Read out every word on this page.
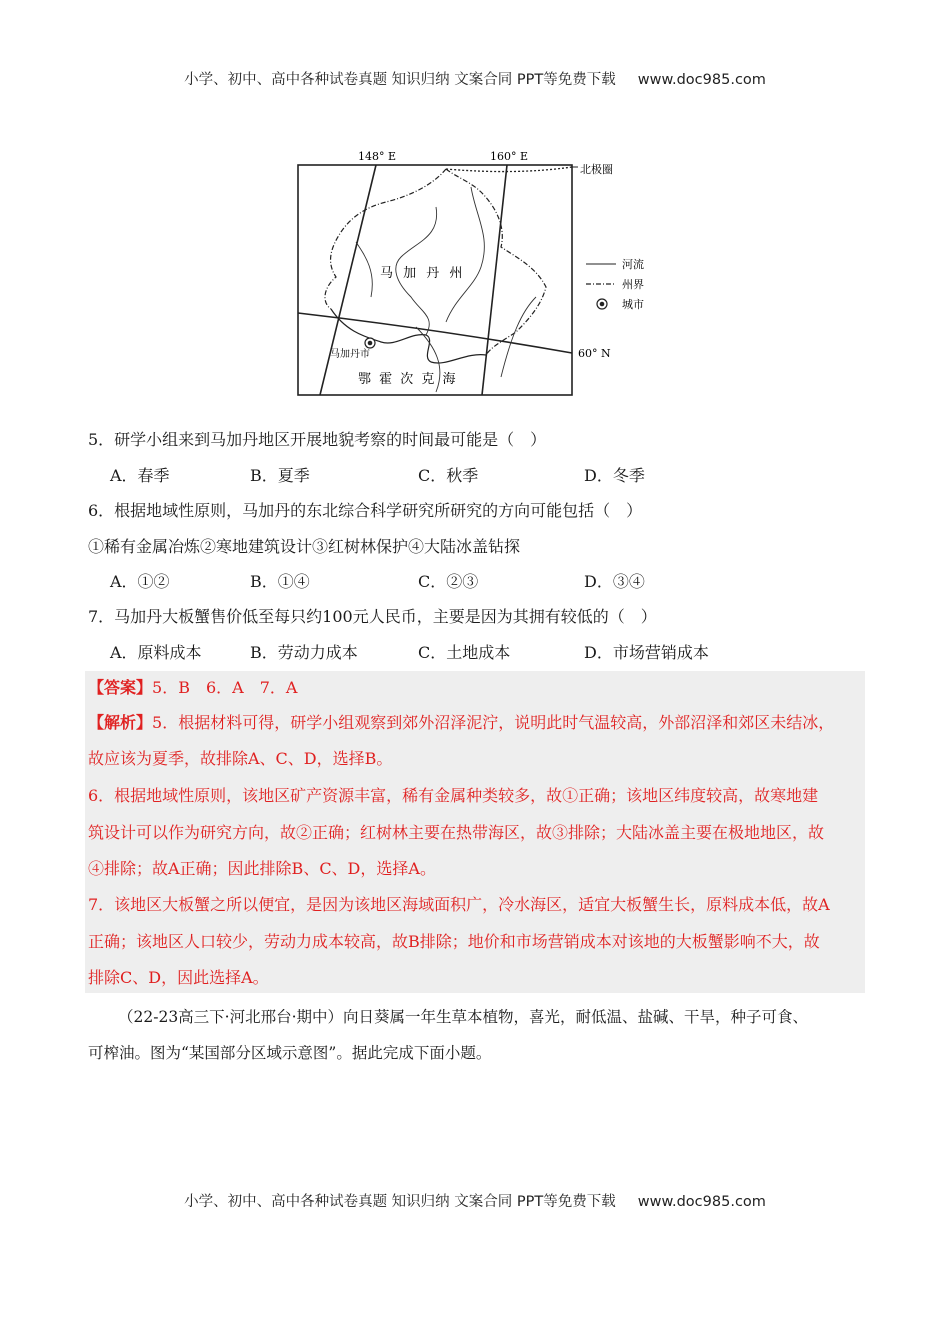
小学、初中、高中各种试卷真题 知识归纳 文案合同 PPT等免费下载 www.doc985.com
148° E	160° E
北极圈
60° N
马 加 丹 州
马加丹市
鄂 霍 次 克 海
河流
州界
城市
5．研学小组来到马加丹地区开展地貌考察的时间最可能是（　）
A．春季	B．夏季	C．秋季	D．冬季
6．根据地域性原则，马加丹的东北综合科学研究所研究的方向可能包括（　）
①稀有金属冶炼②寒地建筑设计③红树林保护④大陆冰盖钻探
A．①②	B．①④	C．②③	D．③④
7．马加丹大板蟹售价低至每只约100元人民币，主要是因为其拥有较低的（　）
A．原料成本	B．劳动力成本	C．土地成本	D．市场营销成本
【答案】5．B　6．A　7．A
【解析】5．根据材料可得，研学小组观察到郊外沼泽泥泞，说明此时气温较高，外部沼泽和郊区未结冰，
故应该为夏季，故排除A、C、D，选择B。
6．根据地域性原则，该地区矿产资源丰富，稀有金属种类较多，故①正确；该地区纬度较高，故寒地建
筑设计可以作为研究方向，故②正确；红树林主要在热带海区，故③排除；大陆冰盖主要在极地地区，故
④排除；故A正确；因此排除B、C、D，选择A。
7．该地区大板蟹之所以便宜，是因为该地区海域面积广，冷水海区，适宜大板蟹生长，原料成本低，故A
正确；该地区人口较少，劳动力成本较高，故B排除；地价和市场营销成本对该地的大板蟹影响不大，故
排除C、D，因此选择A。
（22-23高三下·河北邢台·期中）向日葵属一年生草本植物，喜光，耐低温、盐碱、干旱，种子可食、
可榨油。图为“某国部分区域示意图”。据此完成下面小题。
小学、初中、高中各种试卷真题 知识归纳 文案合同 PPT等免费下载 www.doc985.com
